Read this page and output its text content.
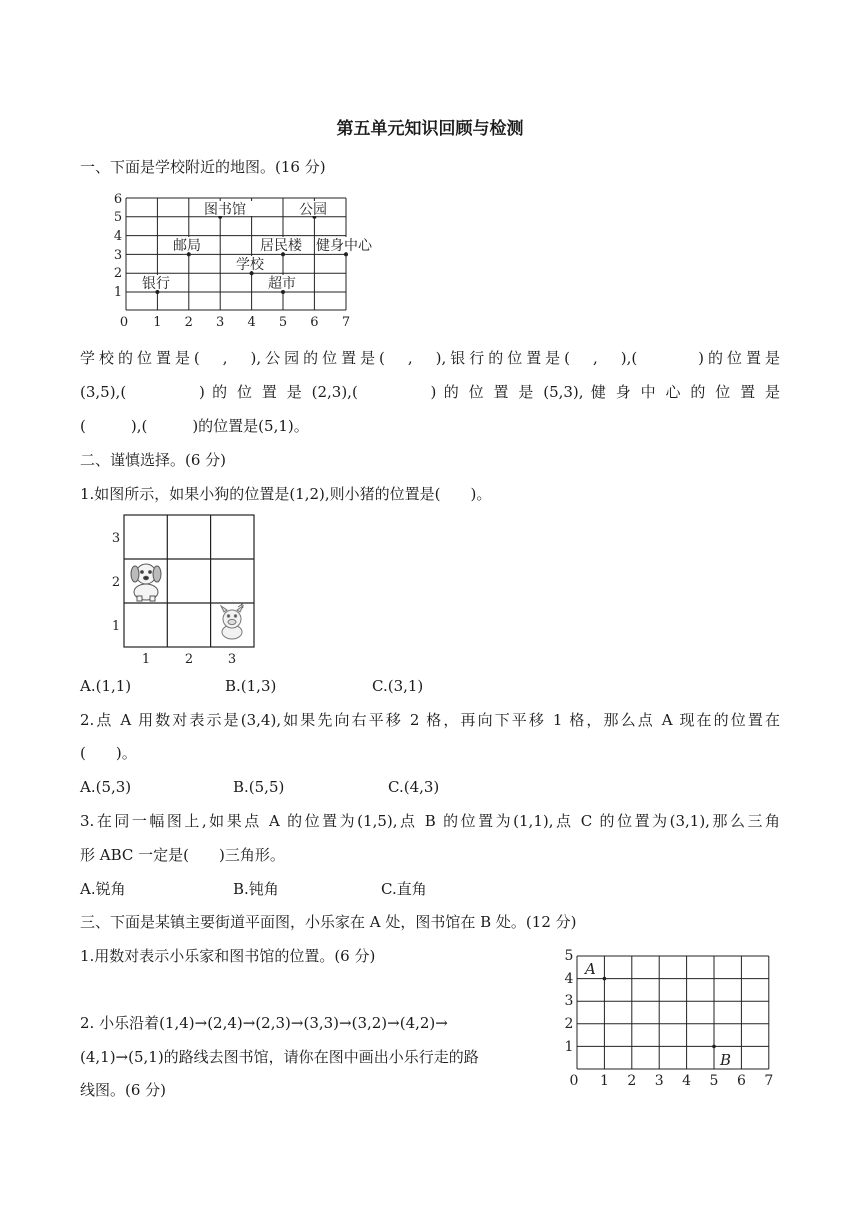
第五单元知识回顾与检测
一、下面是学校附近的地图。(16 分)
0 1 2 3 4 5 6 7
1
2
3
4
5
6
图书馆	公园
邮局	居民楼 健身中心
学校
银行	超市
学校的位置是(　,　),公园的位置是(　,　),银行的位置是(　,　),(　　　)的位置是
(3,5),(　　　　) 的 位 置 是 (2,3),(　　　　) 的 位 置 是 (5,3), 健 身 中 心 的 位 置 是
(　　　),(　　　)的位置是(5,1)。
二、谨慎选择。(6 分)
1.如图所示，如果小狗的位置是(1,2),则小猪的位置是(　　)。
1	2	3
1
2
3
A.(1,1)	B.(1,3)	C.(3,1)
2.点 A 用数对表示是(3,4),如果先向右平移 2 格，再向下平移 1 格，那么点 A 现在的位置在
(　　)。
A.(5,3)	B.(5,5)	C.(4,3)
3.在同一幅图上,如果点 A 的位置为(1,5),点 B 的位置为(1,1),点 C 的位置为(3,1),那么三角
形 ABC 一定是(　　)三角形。
A.锐角	B.钝角	C.直角
三、下面是某镇主要街道平面图，小乐家在 A 处，图书馆在 B 处。(12 分)
1.用数对表示小乐家和图书馆的位置。(6 分)
2. 小乐沿着(1,4)→(2,4)→(2,3)→(3,3)→(3,2)→(4,2)→
(4,1)→(5,1)的路线去图书馆，请你在图中画出小乐行走的路
线图。(6 分)	0 1 2 3 4 5 6 7
1
2
3
4
5
A
B
